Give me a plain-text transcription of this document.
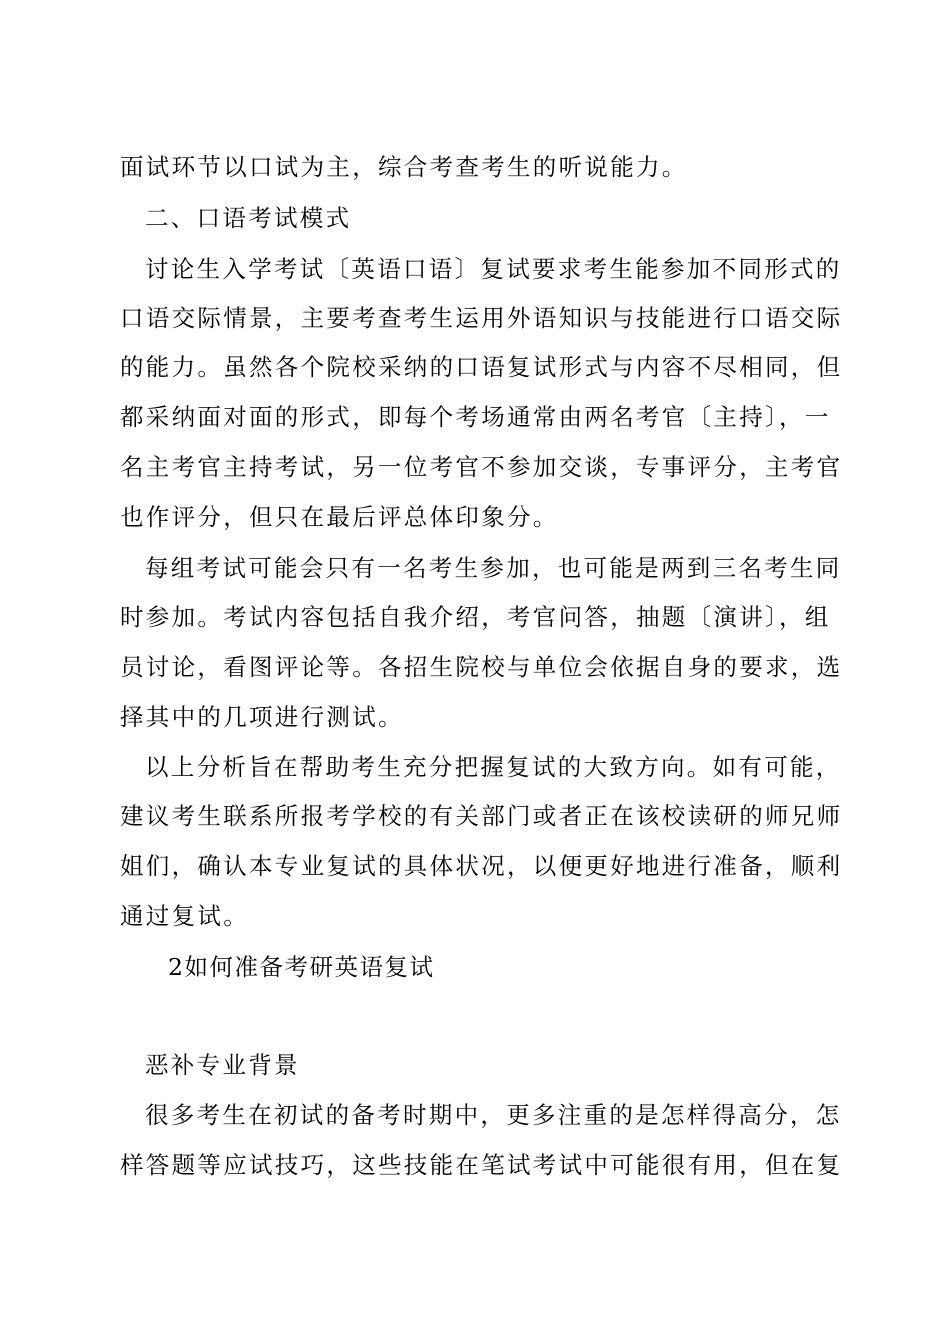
面试环节以口试为主，综合考查考生的听说能力。
二、口语考试模式
讨论生入学考试〔英语口语〕复试要求考生能参加不同形式的
口语交际情景，主要考查考生运用外语知识与技能进行口语交际
的能力。虽然各个院校采纳的口语复试形式与内容不尽相同，但
都采纳面对面的形式，即每个考场通常由两名考官〔主持〕，一
名主考官主持考试，另一位考官不参加交谈，专事评分，主考官
也作评分，但只在最后评总体印象分。
每组考试可能会只有一名考生参加，也可能是两到三名考生同
时参加。考试内容包括自我介绍，考官问答，抽题〔演讲〕，组
员讨论，看图评论等。各招生院校与单位会依据自身的要求，选
择其中的几项进行测试。
以上分析旨在帮助考生充分把握复试的大致方向。如有可能，
建议考生联系所报考学校的有关部门或者正在该校读研的师兄师
姐们，确认本专业复试的具体状况，以便更好地进行准备，顺利
通过复试。
2如何准备考研英语复试
恶补专业背景
很多考生在初试的备考时期中，更多注重的是怎样得高分，怎
样答题等应试技巧，这些技能在笔试考试中可能很有用，但在复
